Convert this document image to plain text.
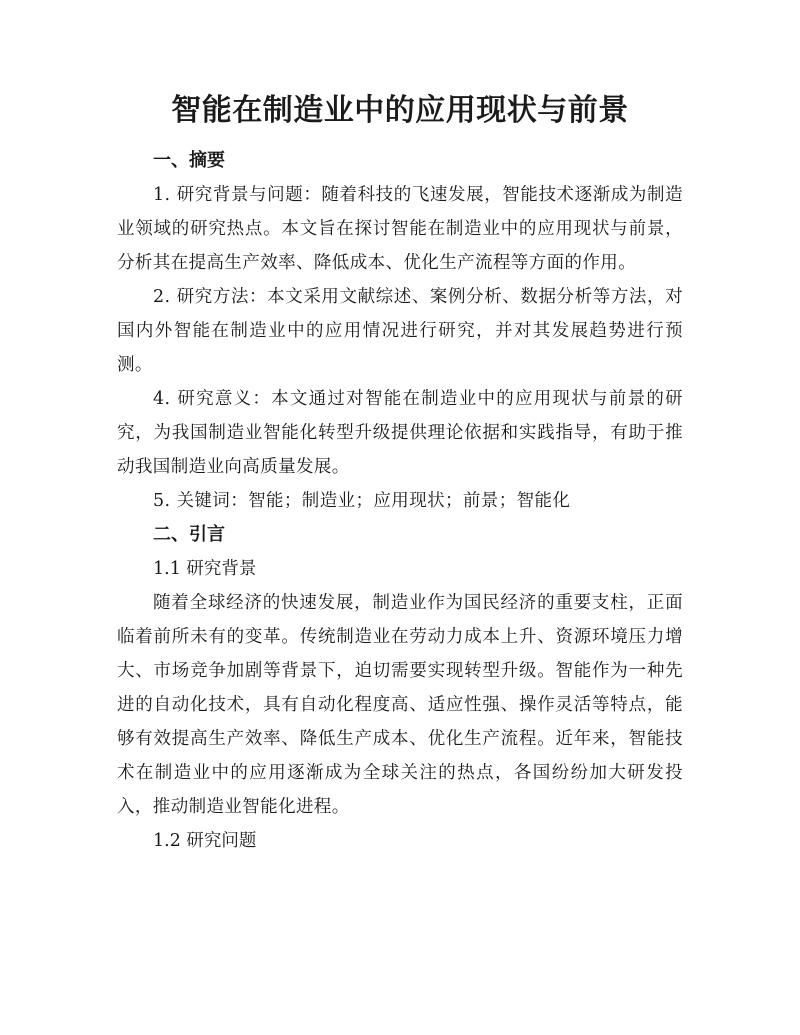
智能在制造业中的应用现状与前景
一、摘要

1. 研究背景与问题：随着科技的飞速发展，智能技术逐渐成为制造业领域的研究热点。本文旨在探讨智能在制造业中的应用现状与前景，分析其在提高生产效率、降低成本、优化生产流程等方面的作用。

2. 研究方法：本文采用文献综述、案例分析、数据分析等方法，对国内外智能在制造业中的应用情况进行研究，并对其发展趋势进行预测。

4. 研究意义：本文通过对智能在制造业中的应用现状与前景的研究，为我国制造业智能化转型升级提供理论依据和实践指导，有助于推动我国制造业向高质量发展。

5. 关键词：智能；制造业；应用现状；前景；智能化

二、引言
1.1 研究背景

随着全球经济的快速发展，制造业作为国民经济的重要支柱，正面临着前所未有的变革。传统制造业在劳动力成本上升、资源环境压力增大、市场竞争加剧等背景下，迫切需要实现转型升级。智能作为一种先进的自动化技术，具有自动化程度高、适应性强、操作灵活等特点，能够有效提高生产效率、降低生产成本、优化生产流程。近年来，智能技术在制造业中的应用逐渐成为全球关注的热点，各国纷纷加大研发投入，推动制造业智能化进程。

1.2 研究问题
